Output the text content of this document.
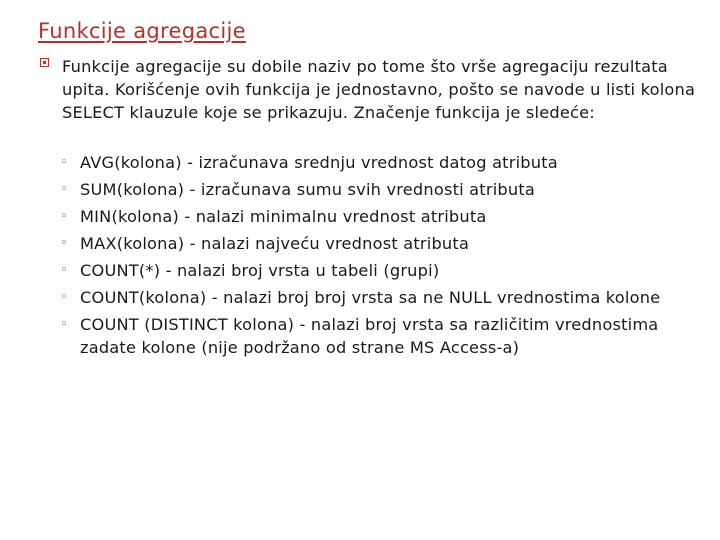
Funkcije agregacije
Funkcije agregacije su dobile naziv po tome što vrše agregaciju rezultata upita. Korišćenje ovih funkcija je jednostavno, pošto se navode u listi kolona SELECT klauzule koje se prikazuju. Značenje funkcija je sledeće:
◦ AVG(kolona) - izračunava srednju vrednost datog atributa
◦ SUM(kolona) - izračunava sumu svih vrednosti atributa
◦ MIN(kolona) - nalazi minimalnu vrednost atributa
◦ MAX(kolona) - nalazi najveću vrednost atributa
◦ COUNT(*) - nalazi broj vrsta u tabeli (grupi)
◦ COUNT(kolona) - nalazi broj broj vrsta sa ne NULL vrednostima kolone
◦ COUNT (DISTINCT kolona) - nalazi broj vrsta sa različitim vrednostima zadate kolone (nije podržano od strane MS Access-a)
